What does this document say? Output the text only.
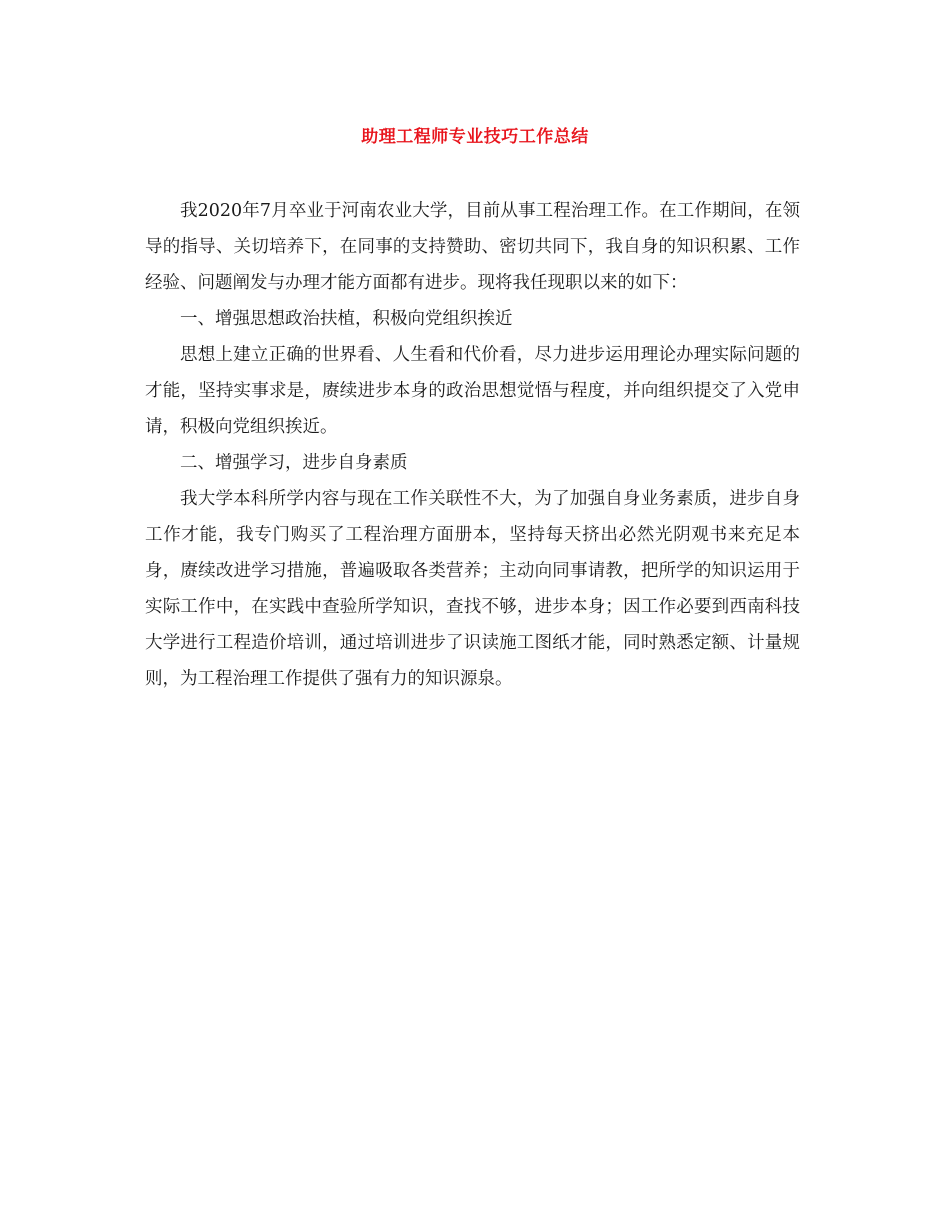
助理工程师专业技巧工作总结

我2020年7月卒业于河南农业大学，目前从事工程治理工作。在工作期间，在领导的指导、关切培养下，在同事的支持赞助、密切共同下，我自身的知识积累、工作经验、问题阐发与办理才能方面都有进步。现将我任现职以来的如下：

一、增强思想政治扶植，积极向党组织挨近

思想上建立正确的世界看、人生看和代价看，尽力进步运用理论办理实际问题的才能，坚持实事求是，赓续进步本身的政治思想觉悟与程度，并向组织提交了入党申请，积极向党组织挨近。

二、增强学习，进步自身素质

我大学本科所学内容与现在工作关联性不大，为了加强自身业务素质，进步自身工作才能，我专门购买了工程治理方面册本，坚持每天挤出必然光阴观书来充足本身，赓续改进学习措施，普遍吸取各类营养；主动向同事请教，把所学的知识运用于实际工作中，在实践中查验所学知识，查找不够，进步本身；因工作必要到西南科技大学进行工程造价培训，通过培训进步了识读施工图纸才能，同时熟悉定额、计量规则，为工程治理工作提供了强有力的知识源泉。
